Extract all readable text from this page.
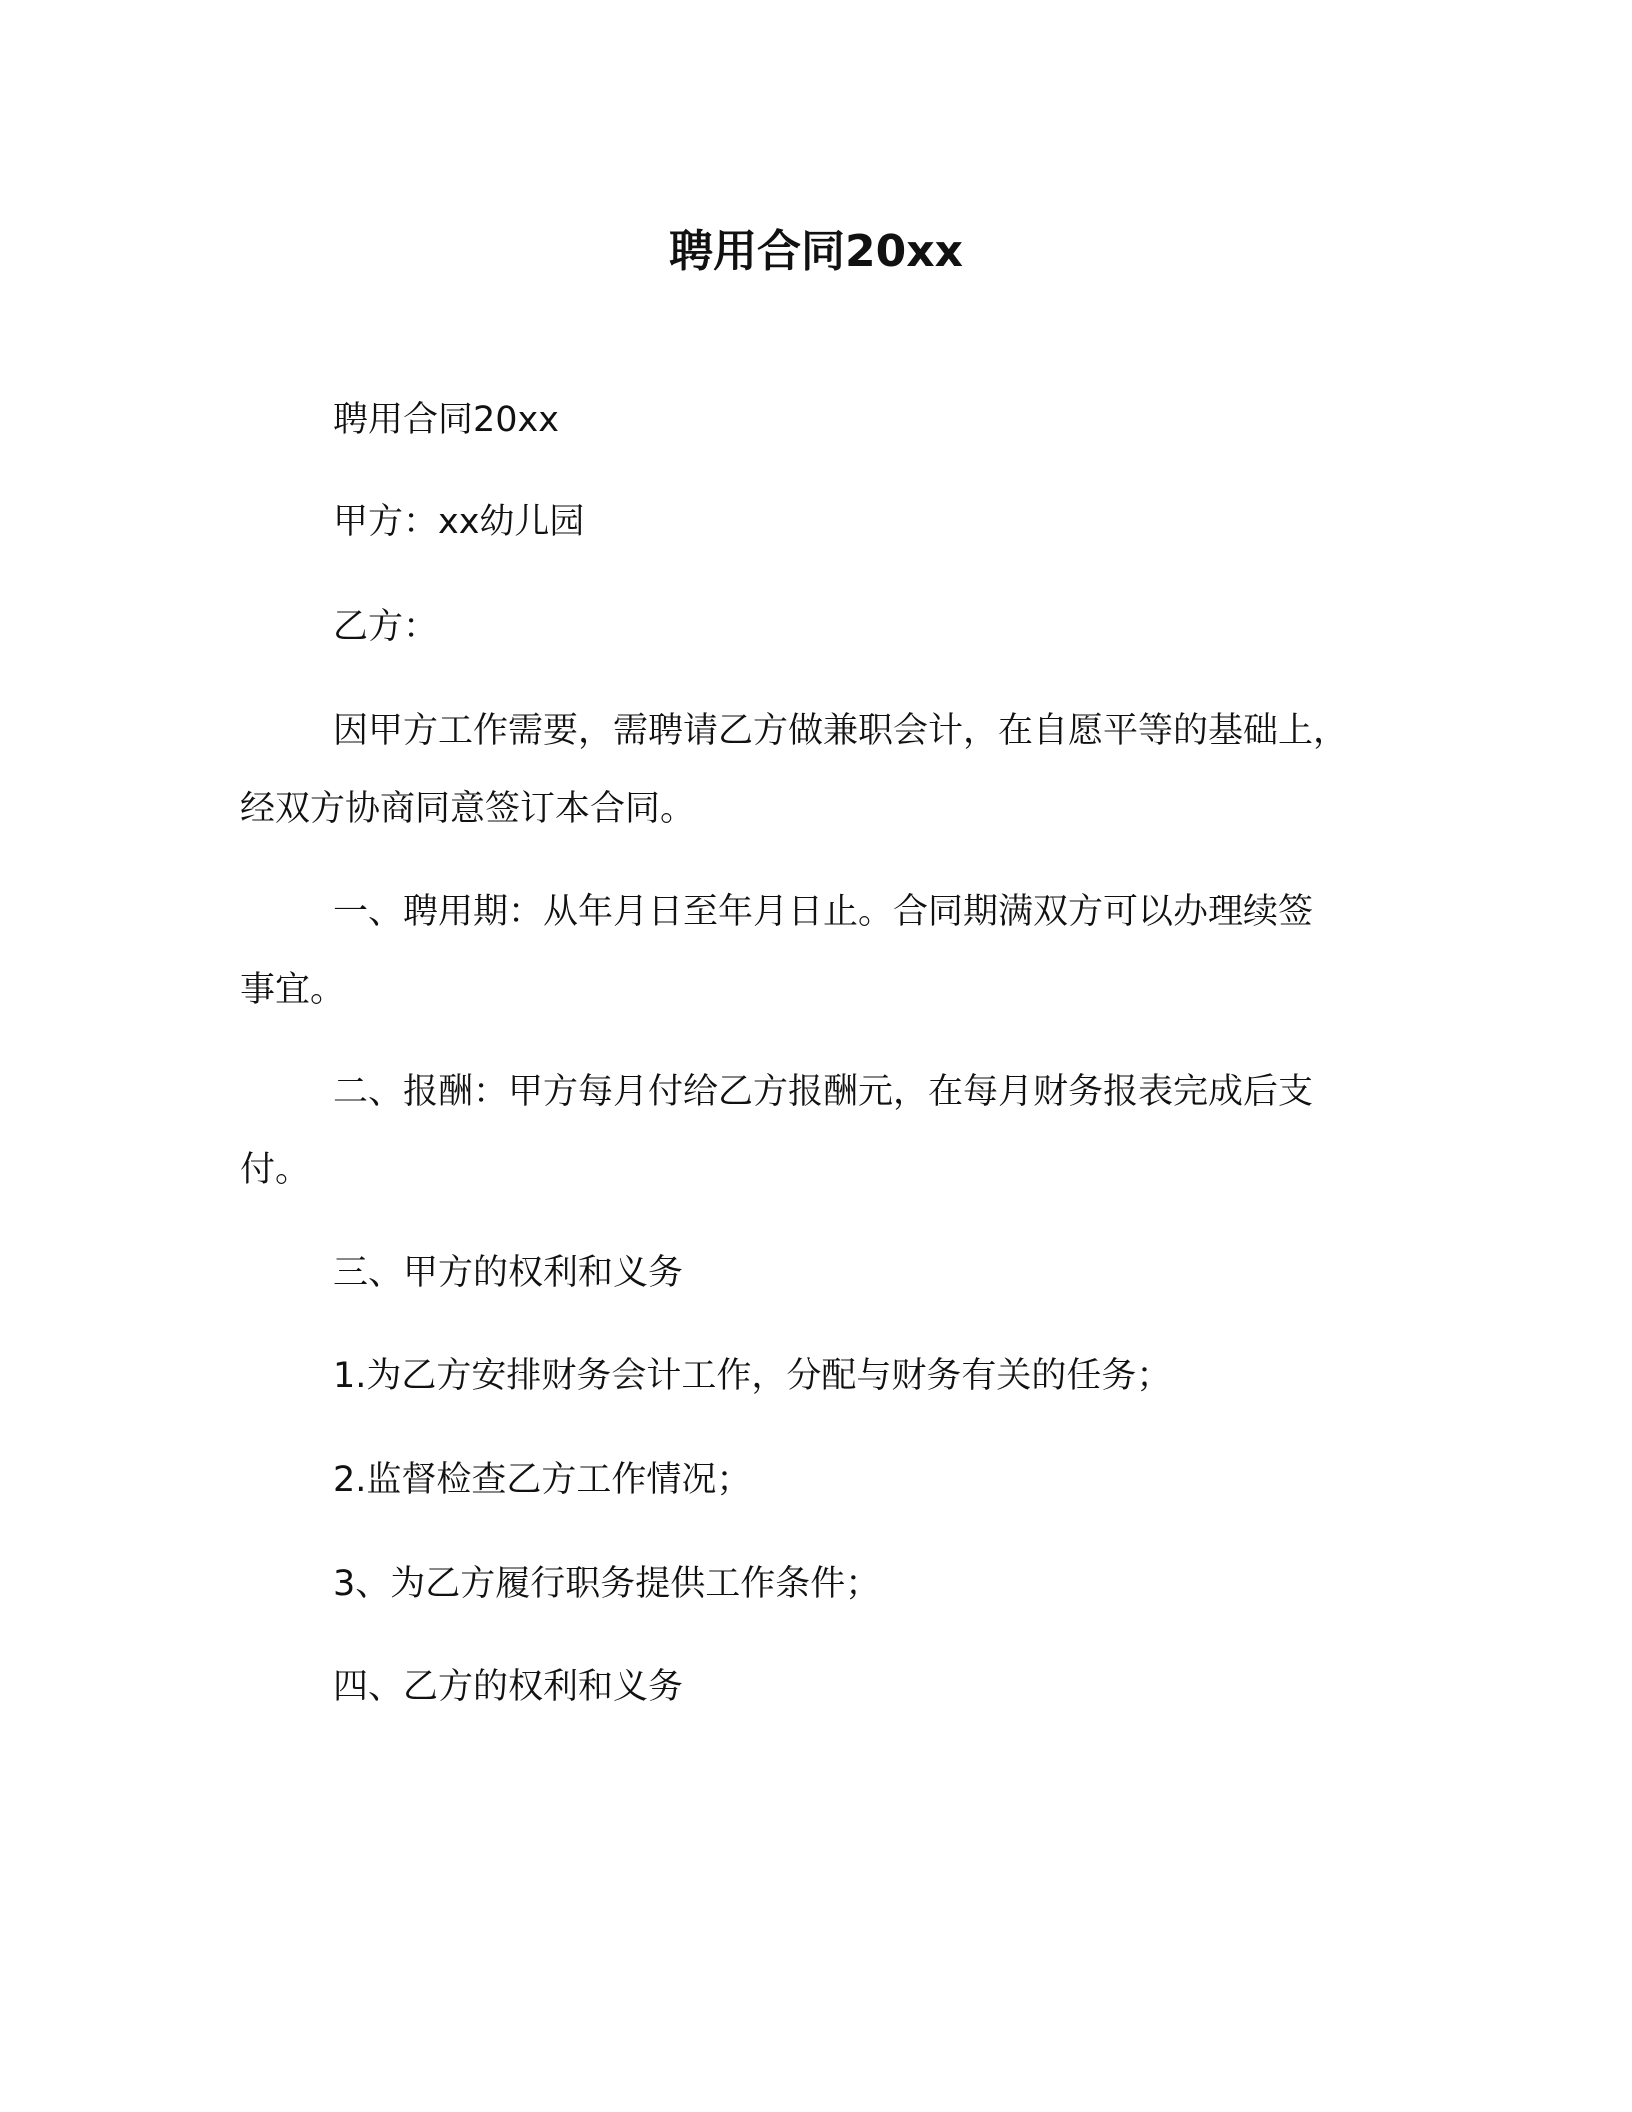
聘用合同20xx

聘用合同20xx

甲方：xx幼儿园

乙方：

因甲方工作需要，需聘请乙方做兼职会计，在自愿平等的基础上，

经双方协商同意签订本合同。

一、聘用期：从年月日至年月日止。合同期满双方可以办理续签

事宜。

二、报酬：甲方每月付给乙方报酬元，在每月财务报表完成后支

付。

三、甲方的权利和义务

1.为乙方安排财务会计工作，分配与财务有关的任务；

2.监督检查乙方工作情况；

3、为乙方履行职务提供工作条件；

四、乙方的权利和义务
